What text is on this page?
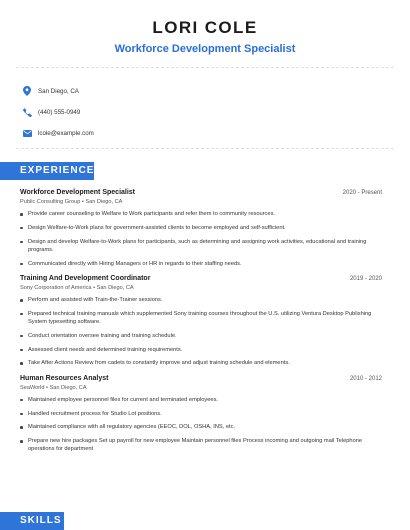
LORI COLE
Workforce Development Specialist
San Diego, CA
(440) 555-0949
lcole@example.com
EXPERIENCE
Workforce Development Specialist	2020 - Present
Public Consulting Group • San Diego, CA
Provide career counseling to Welfare to Work participants and refer them to community resources.
Design Welfare-to-Work plans for government-assisted clients to become employed and self-sufficient.
Design and develop Welfare-to-Work plans for participants, such as determining and assigning work activities, educational and training programs.
Communicated directly with Hiring Managers or HR in regards to their staffing needs.
Training And Development Coordinator	2019 - 2020
Sony Corporation of America • San Diego, CA
Perform and assisted with Train-the-Trainer sessions.
Prepared technical training manuals which supplemented Sony training courses throughout the U.S. utilizing Ventura Desktop Publishing System typesetting software.
Conduct orientation oversee training and training schedule.
Assessed client needs and determined training requirements.
Take After Actions Review from cadets to constantly improve and adjust training schedule and elements.
Human Resources Analyst	2010 - 2012
SeaWorld • San Diego, CA
Maintained employee personnel files for current and terminated employees.
Handled recruitment process for Studio Lot positions.
Maintained compliance with all regulatory agencies (EEOC, DOL, OSHA, INS, etc.
Prepare new hire packages Set up payroll for new employee Maintain personnel files Process incoming and outgoing mail Telephone operations for department
SKILLS
